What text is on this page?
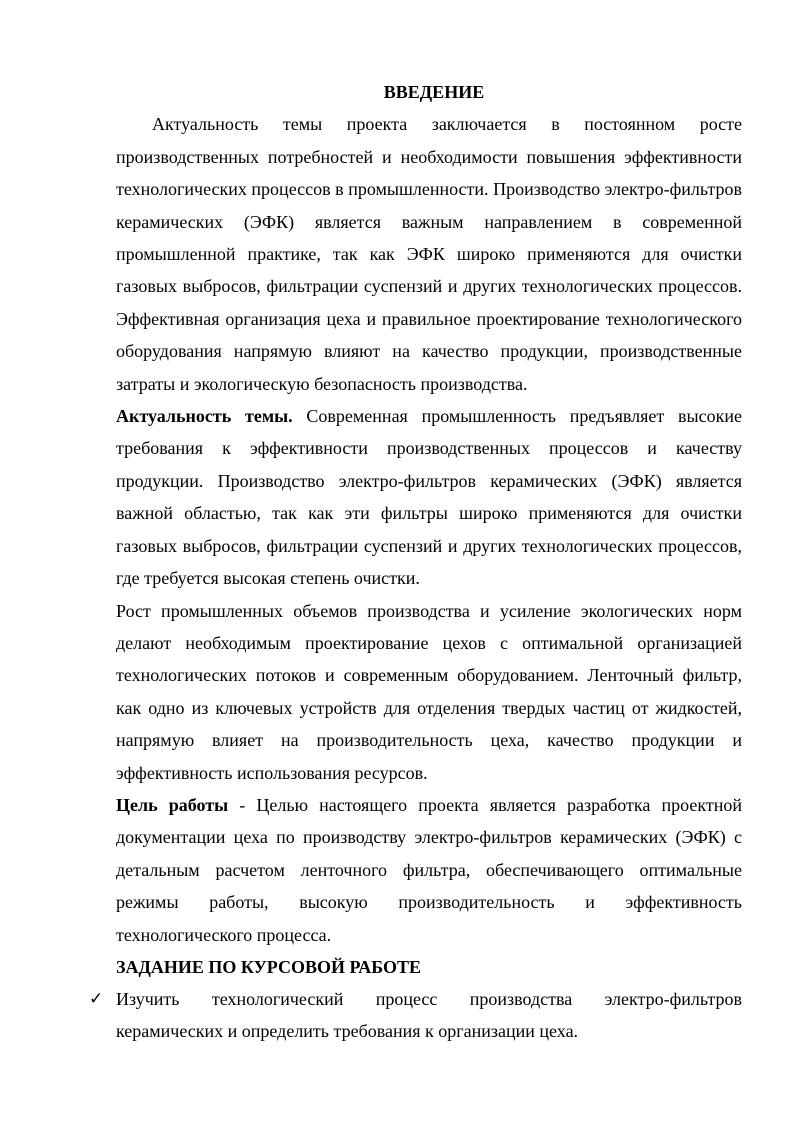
ВВЕДЕНИЕ

Актуальность темы проекта заключается в постоянном росте производственных потребностей и необходимости повышения эффективности технологических процессов в промышленности. Производство электро-фильтров керамических (ЭФК) является важным направлением в современной промышленной практике, так как ЭФК широко применяются для очистки газовых выбросов, фильтрации суспензий и других технологических процессов. Эффективная организация цеха и правильное проектирование технологического оборудования напрямую влияют на качество продукции, производственные затраты и экологическую безопасность производства.

Актуальность темы. Современная промышленность предъявляет высокие требования к эффективности производственных процессов и качеству продукции. Производство электро-фильтров керамических (ЭФК) является важной областью, так как эти фильтры широко применяются для очистки газовых выбросов, фильтрации суспензий и других технологических процессов, где требуется высокая степень очистки.

Рост промышленных объемов производства и усиление экологических норм делают необходимым проектирование цехов с оптимальной организацией технологических потоков и современным оборудованием. Ленточный фильтр, как одно из ключевых устройств для отделения твердых частиц от жидкостей, напрямую влияет на производительность цеха, качество продукции и эффективность использования ресурсов.

Цель работы - Целью настоящего проекта является разработка проектной документации цеха по производству электро-фильтров керамических (ЭФК) с детальным расчетом ленточного фильтра, обеспечивающего оптимальные режимы работы, высокую производительность и эффективность технологического процесса.

ЗАДАНИЕ ПО КУРСОВОЙ РАБОТЕ

✓ Изучить технологический процесс производства электро-фильтров керамических и определить требования к организации цеха.
